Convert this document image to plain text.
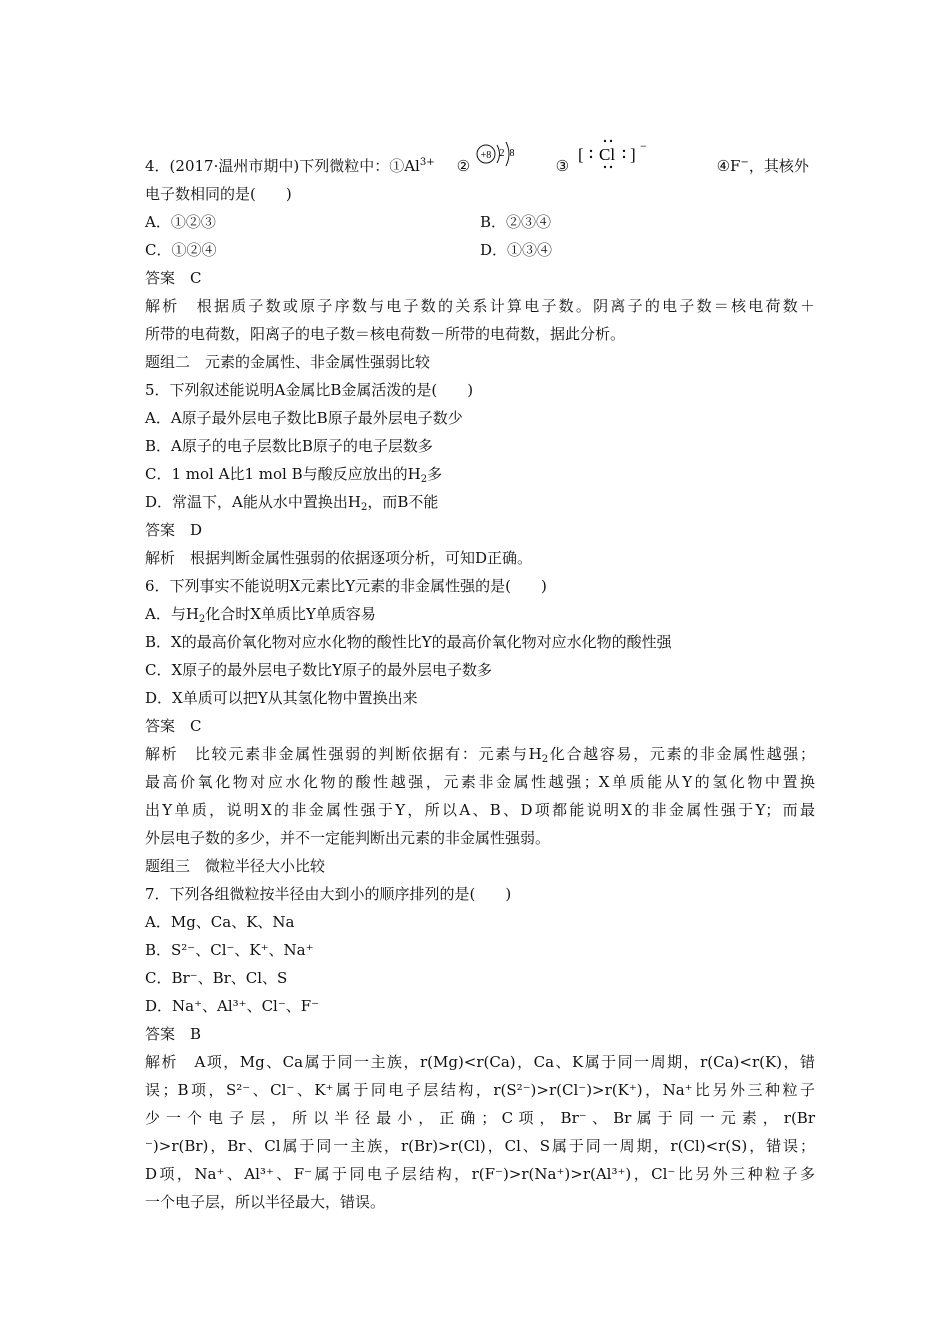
4．(2017·温州市期中)下列微粒中：$①Al^{3+}$ ②
+8 2 8
③
[ Cl ] −
④F−，其核外
电子数相同的是(　　)
A．①②③	B．②③④
C．①②④	D．①③④
答案　C
解析　根据质子数或原子序数与电子数的关系计算电子数。阴离子的电子数＝核电荷数＋
所带的电荷数，阳离子的电子数＝核电荷数－所带的电荷数，据此分析。
题组二　元素的金属性、非金属性强弱比较
5．下列叙述能说明A金属比B金属活泼的是(　　)
A．A原子最外层电子数比B原子最外层电子数少
B．A原子的电子层数比B原子的电子层数多
C．1 mol A比1 mol B与酸反应放出的$H_2$多
D．常温下，A能从水中置换出$H_2$，而B不能
答案　D
解析　根据判断金属性强弱的依据逐项分析，可知D正确。
6．下列事实不能说明X元素比Y元素的非金属性强的是(　　)
A．与$H_2$化合时X单质比Y单质容易
B．X的最高价氧化物对应水化物的酸性比Y的最高价氧化物对应水化物的酸性强
C．X原子的最外层电子数比Y原子的最外层电子数多
D．X单质可以把Y从其氢化物中置换出来
答案　C
解析　比较元素非金属性强弱的判断依据有：元素与$H_2$化合越容易，元素的非金属性越强；
最高价氧化物对应水化物的酸性越强，元素非金属性越强；X单质能从Y的氢化物中置换
出Y单质，说明X的非金属性强于Y，所以A、B、D项都能说明X的非金属性强于Y；而最
外层电子数的多少，并不一定能判断出元素的非金属性强弱。
题组三　微粒半径大小比较
7．下列各组微粒按半径由大到小的顺序排列的是(　　)
A．Mg、Ca、K、Na
B．S²⁻、Cl⁻、K⁺、Na⁺
C．Br⁻、Br、Cl、S
D．Na⁺、Al³⁺、Cl⁻、F⁻
答案　B
解析　A项，Mg、Ca属于同一主族，r(Mg)<r(Ca)，Ca、K属于同一周期，r(Ca)<r(K)，错
误；B项，S²⁻、Cl⁻、K⁺属于同电子层结构，r(S²⁻)>r(Cl⁻)>r(K⁺)，Na⁺比另外三种粒子
少 一 个 电 子 层 ， 所 以 半 径 最 小 ， 正 确 ； C 项 ， Br⁻ 、 Br 属 于 同 一 元 素 ， r(Br
⁻)>r(Br)，Br、Cl属于同一主族，r(Br)>r(Cl)，Cl、S属于同一周期，r(Cl)<r(S)，错误；
D项，Na⁺、Al³⁺、F⁻属于同电子层结构，r(F⁻)>r(Na⁺)>r(Al³⁺)，Cl⁻比另外三种粒子多
一个电子层，所以半径最大，错误。
